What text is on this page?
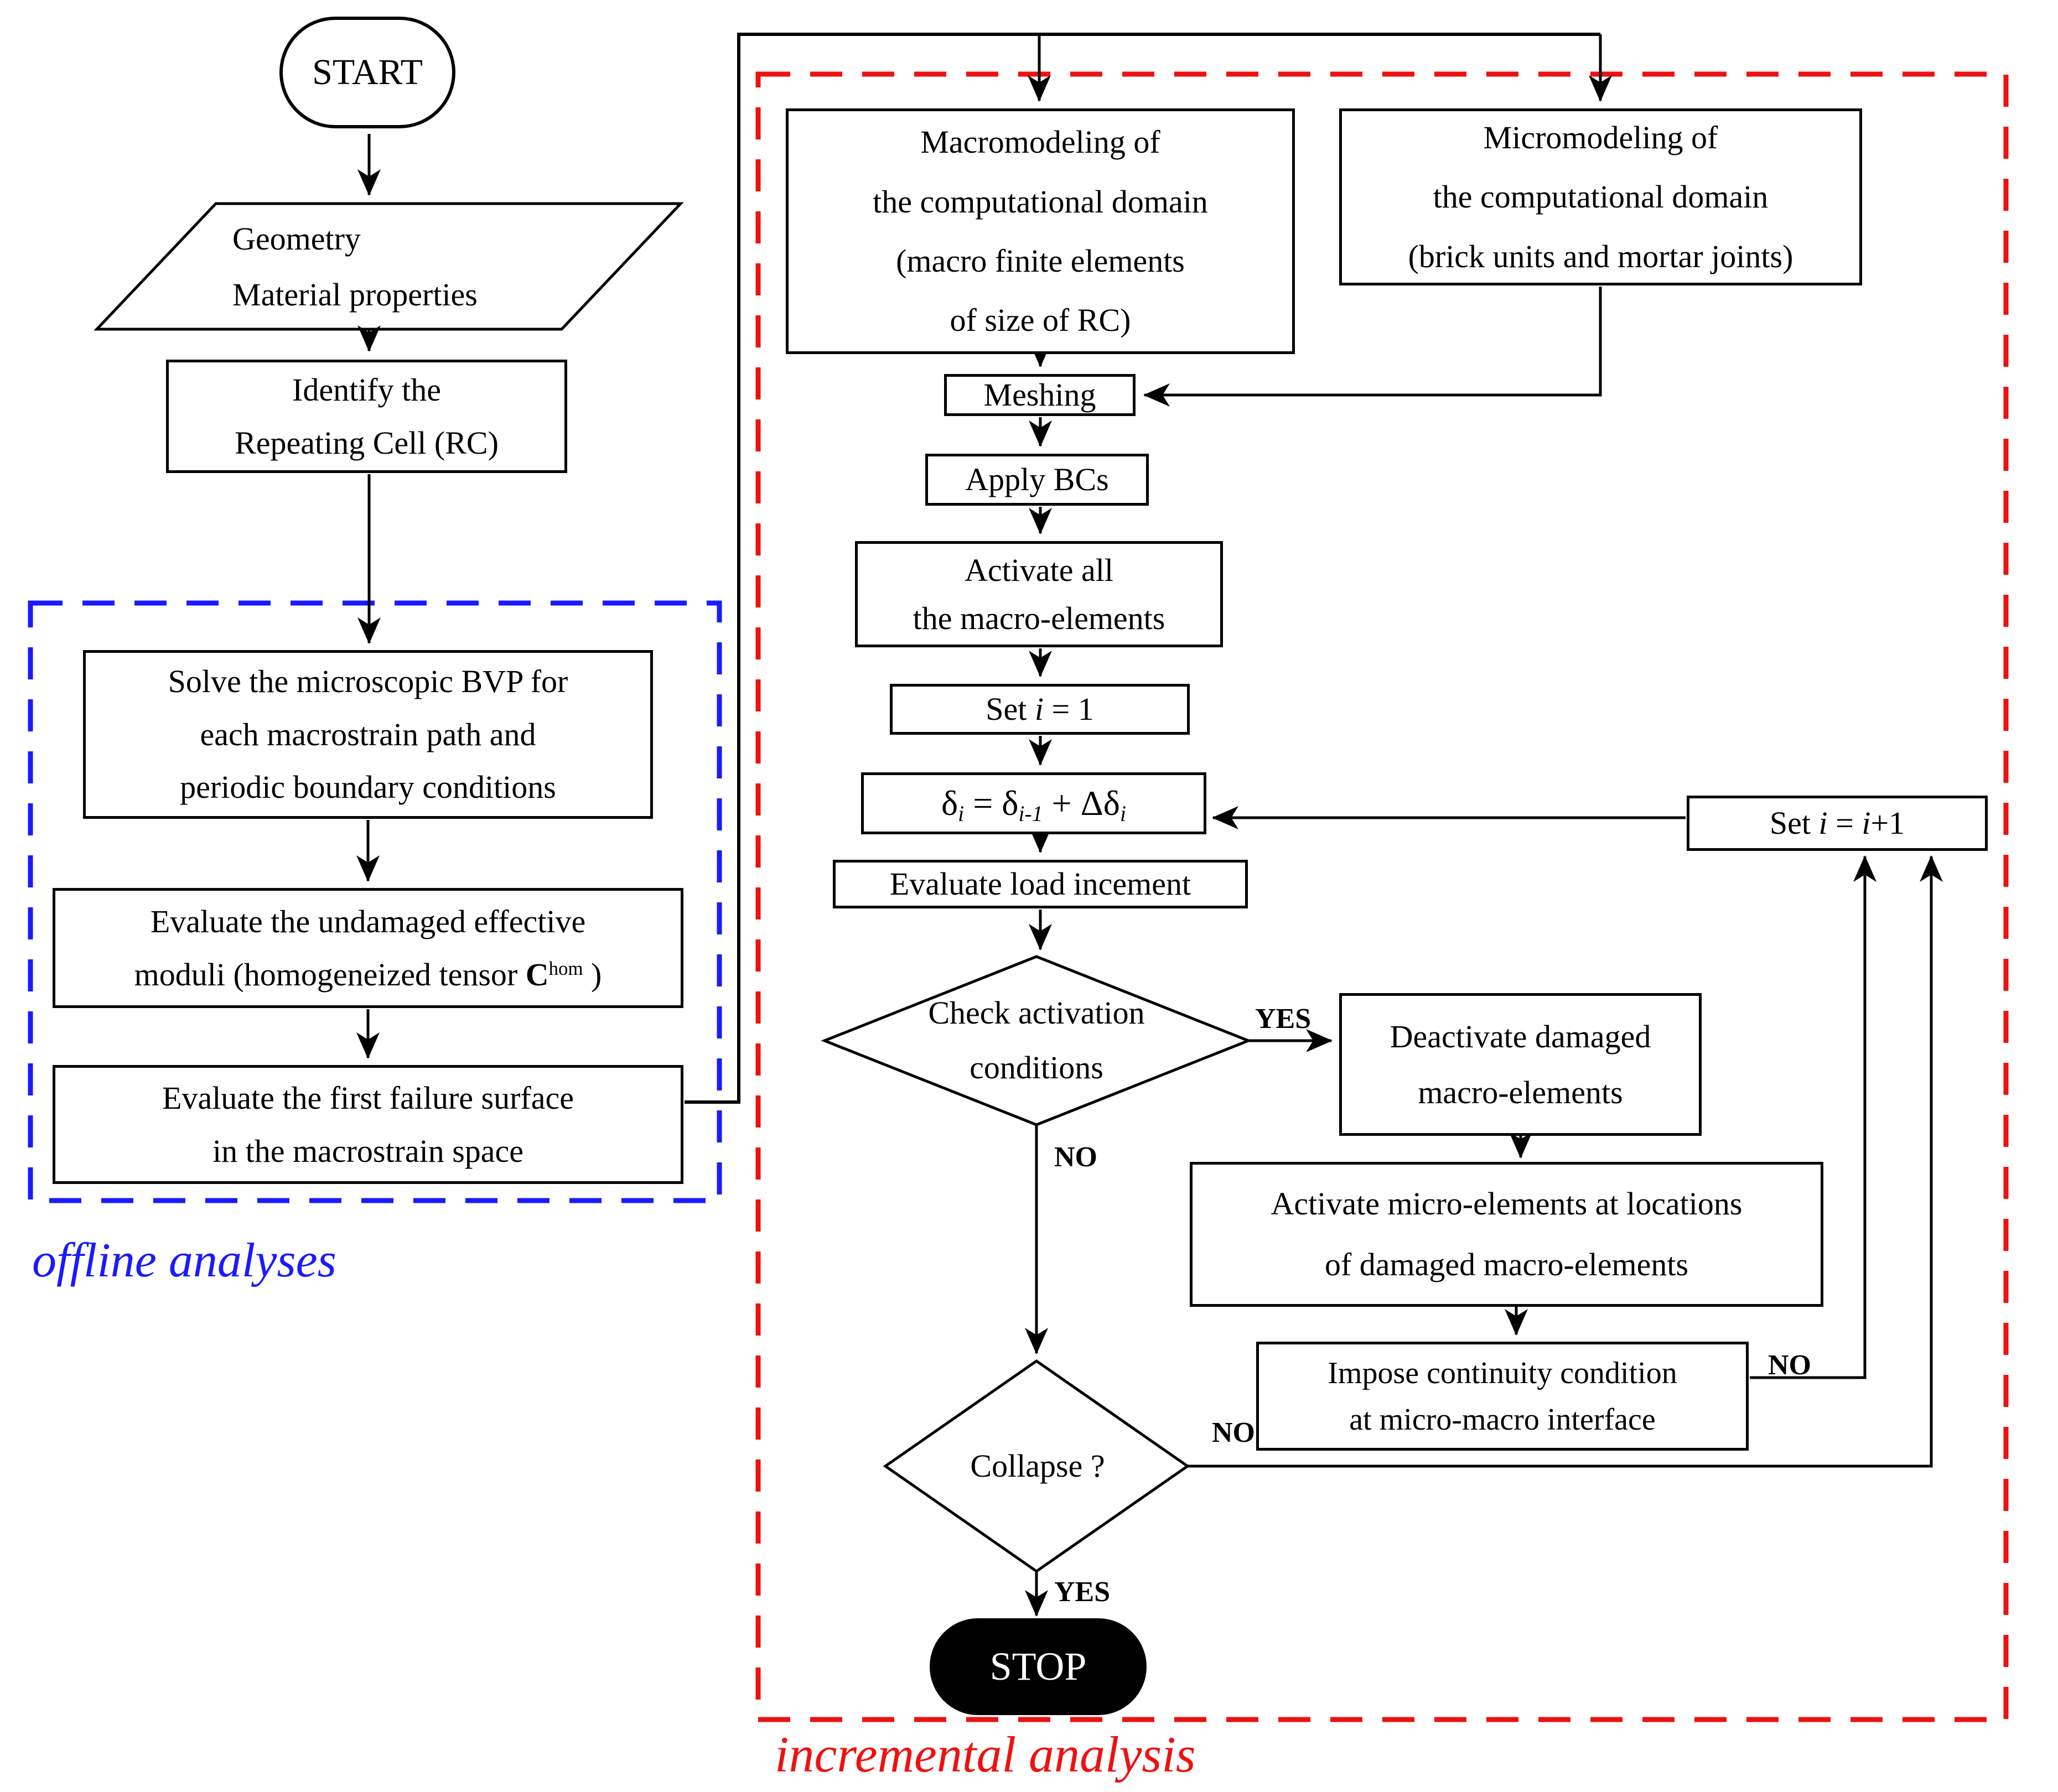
START
Geometry
Material properties
Identify the
Repeating Cell (RC)
Solve the microscopic BVP for
each macrostrain path and
periodic boundary conditions
Evaluate the undamaged effective
moduli (homogeneized tensor $C^{hom}$ )
Evaluate the first failure surface
in the macrostrain space
offline analyses
Macromodeling of
the computational domain
(macro finite elements
of size of RC)
Micromodeling of
the computational domain
(brick units and mortar joints)
Meshing
Apply BCs
Activate all
the macro-elements
Set i = 1
δi = δi-1 + Δδi
Evaluate load incement
Check activation
conditions
YES
NO
Deactivate damaged
macro-elements
Activate micro-elements at locations
of damaged macro-elements
Impose continuity condition
at micro-macro interface
NO
Set i = i+1
Collapse ?
NO
YES
STOP
incremental analysis
